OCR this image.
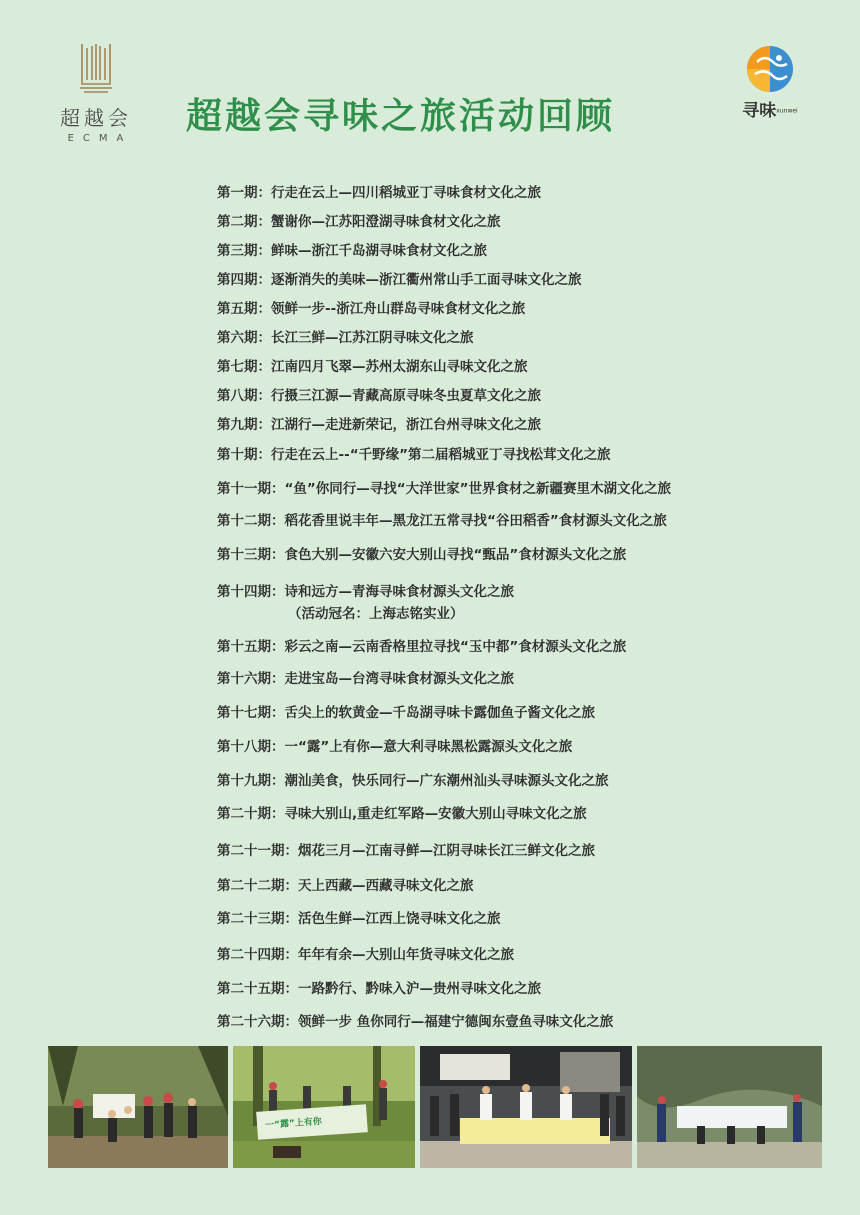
超越会
ECMA
超越会寻味之旅活动回顾	寻味xunwei
第一期：行走在云上—四川稻城亚丁寻味食材文化之旅
第二期：蟹谢你—江苏阳澄湖寻味食材文化之旅
第三期：鲜味—浙江千岛湖寻味食材文化之旅
第四期：逐渐消失的美味—浙江衢州常山手工面寻味文化之旅
第五期：领鲜一步--浙江舟山群岛寻味食材文化之旅
第六期：长江三鲜—江苏江阴寻味文化之旅
第七期：江南四月飞翠—苏州太湖东山寻味文化之旅
第八期：行摄三江源—青藏高原寻味冬虫夏草文化之旅
第九期：江湖行—走进新荣记，浙江台州寻味文化之旅
第十期：行走在云上--“千野缘”第二届稻城亚丁寻找松茸文化之旅
第十一期：“鱼”你同行—寻找“大洋世家”世界食材之新疆赛里木湖文化之旅
第十二期：稻花香里说丰年—黑龙江五常寻找“谷田稻香”食材源头文化之旅
第十三期：食色大别—安徽六安大别山寻找“甄品”食材源头文化之旅
第十四期：诗和远方—青海寻味食材源头文化之旅
（活动冠名：上海志铭实业）
第十五期：彩云之南—云南香格里拉寻找“玉中都”食材源头文化之旅
第十六期：走进宝岛—台湾寻味食材源头文化之旅
第十七期：舌尖上的软黄金—千岛湖寻味卡露伽鱼子酱文化之旅
第十八期：一“露”上有你—意大利寻味黑松露源头文化之旅
第十九期：潮汕美食，快乐同行—广东潮州汕头寻味源头文化之旅
第二十期：寻味大别山,重走红军路—安徽大别山寻味文化之旅
第二十一期：烟花三月—江南寻鲜—江阴寻味长江三鲜文化之旅
第二十二期：天上西藏—西藏寻味文化之旅
第二十三期：活色生鲜—江西上饶寻味文化之旅
第二十四期：年年有余—大别山年货寻味文化之旅
第二十五期：一路黔行、黔味入沪—贵州寻味文化之旅
第二十六期：领鲜一步 鱼你同行—福建宁德闽东壹鱼寻味文化之旅
一“露”上有你
